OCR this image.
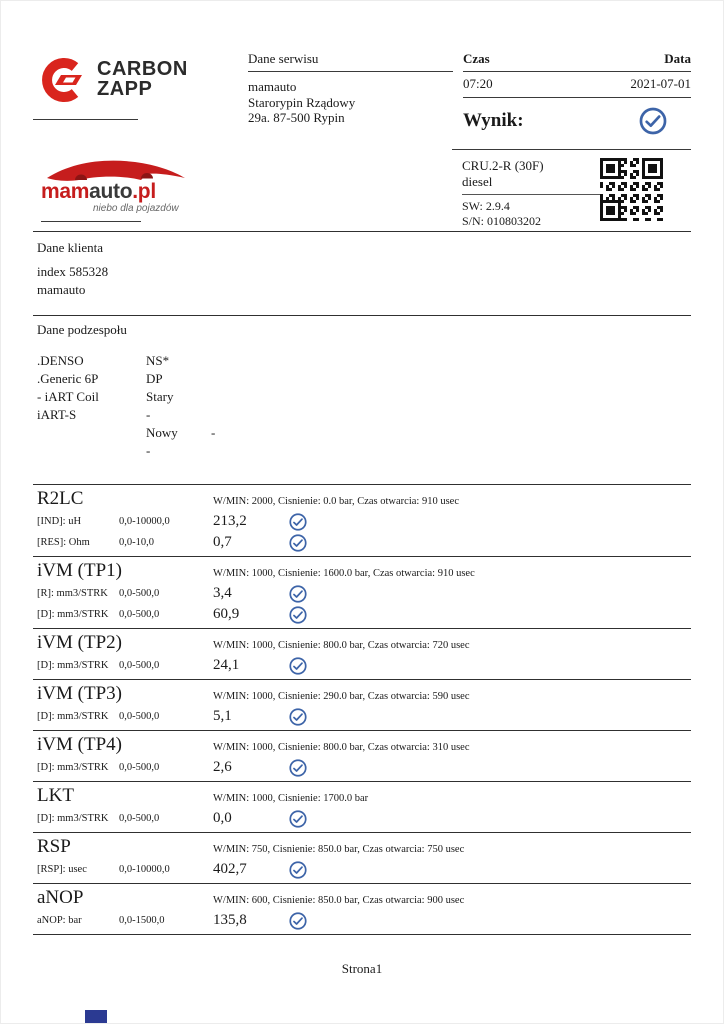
CARBON
ZAPP
Dane serwisu
mamauto
Starorypin Rządowy
29a. 87-500 Rypin
Czas	Data
07:20	2021-07-01
Wynik:
mamauto.pl
niebo dla pojazdów
CRU.2-R (30F)
diesel
SW: 2.9.4
S/N: 010803202
Dane klienta
index 585328
mamauto
Dane podzespołu
.DENSO	NS*
.Generic 6P	DP
- iART Coil	Stary
iART-S	-
Nowy	-
-
R2LC	W/MIN: 2000, Cisnienie: 0.0 bar, Czas otwarcia: 910 usec
[IND]: uH	0,0-10000,0	213,2
[RES]: Ohm	0,0-10,0	0,7
iVM (TP1)	W/MIN: 1000, Cisnienie: 1600.0 bar, Czas otwarcia: 910 usec
[R]: mm3/STRK	0,0-500,0	3,4
[D]: mm3/STRK	0,0-500,0	60,9
iVM (TP2)	W/MIN: 1000, Cisnienie: 800.0 bar, Czas otwarcia: 720 usec
[D]: mm3/STRK	0,0-500,0	24,1
iVM (TP3)	W/MIN: 1000, Cisnienie: 290.0 bar, Czas otwarcia: 590 usec
[D]: mm3/STRK	0,0-500,0	5,1
iVM (TP4)	W/MIN: 1000, Cisnienie: 800.0 bar, Czas otwarcia: 310 usec
[D]: mm3/STRK	0,0-500,0	2,6
LKT	W/MIN: 1000, Cisnienie: 1700.0 bar
[D]: mm3/STRK	0,0-500,0	0,0
RSP	W/MIN: 750, Cisnienie: 850.0 bar, Czas otwarcia: 750 usec
[RSP]: usec	0,0-10000,0	402,7
aNOP	W/MIN: 600, Cisnienie: 850.0 bar, Czas otwarcia: 900 usec
aNOP: bar	0,0-1500,0	135,8
Strona1
